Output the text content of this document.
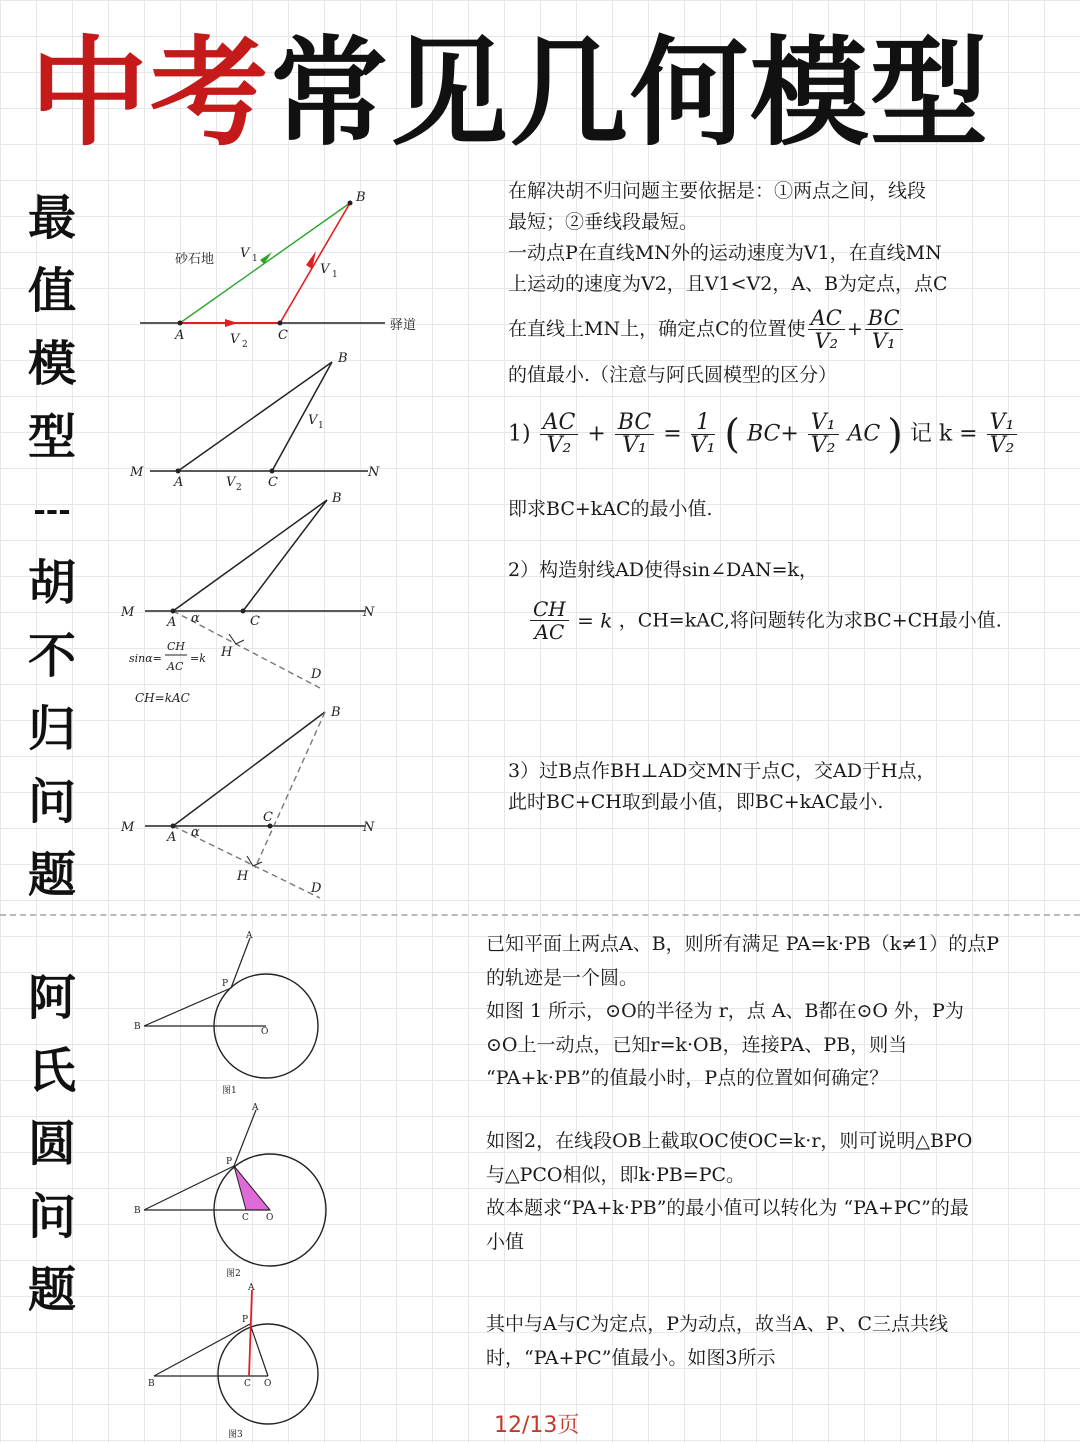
中考常见几何模型
最
值
模
型
---
胡
不
归
问
题
B
V 1
V 1
V 2
砂石地
A	C
驿道
B
V 1
M
A	V 2 C
N
B
M
A α	C
N
H
D
sinα=
CH
AC
=k
CH=kAC
B
M
A α
C
N
H
D

在解决胡不归问题主要依据是：①两点之间，线段

最短；②垂线段最短。

一动点P在直线MN外的运动速度为V1，在直线MN

上运动的速度为V2，且V1<V2，A、B为定点，点C

在直线上MN上，确定点C的位置使 $\frac{AC}{\text{V₂}} + \frac{BC}{\text{V₁}}$

的值最小.（注意与阿氏圆模型的区分）

$1) \frac{AC}{\text{V₂}} + \frac{BC}{\text{V₁}} = \frac{1}{\text{V₁}}$ ( $BC+ \frac{\text{V₁}}{\text{V₂}}$ AC ) 记 $k = \frac{\text{V₁}}{\text{V₂}}$

即求BC+kAC的最小值.

2）构造射线AD使得sin∠DAN=k，

$\frac{CH}{AC} = k$ ，CH=kAC,将问题转化为求BC+CH最小值.

3）过B点作BH⊥AD交MN于点C，交AD于H点，

此时BC+CH取到最小值，即BC+kAC最小.

阿
氏
圆
问
题
A
P
B	O
图1
A
P
B
C O
图2
A
P
B	C O
图3

已知平面上两点A、B，则所有满足 PA=k·PB（k≠1）的点P

的轨迹是一个圆。

如图 1 所示，⊙O的半径为 r，点 A、B都在⊙O 外，P为

⊙O上一动点，已知r=k·OB，连接PA、PB，则当

“PA+k·PB”的值最小时，P点的位置如何确定？

如图2，在线段OB上截取OC使OC=k·r，则可说明△BPO

与△PCO相似，即k·PB=PC。

故本题求“PA+k·PB”的最小值可以转化为 “PA+PC”的最

小值

其中与A与C为定点，P为动点，故当A、P、C三点共线

时，“PA+PC”值最小。如图3所示

12/13页
